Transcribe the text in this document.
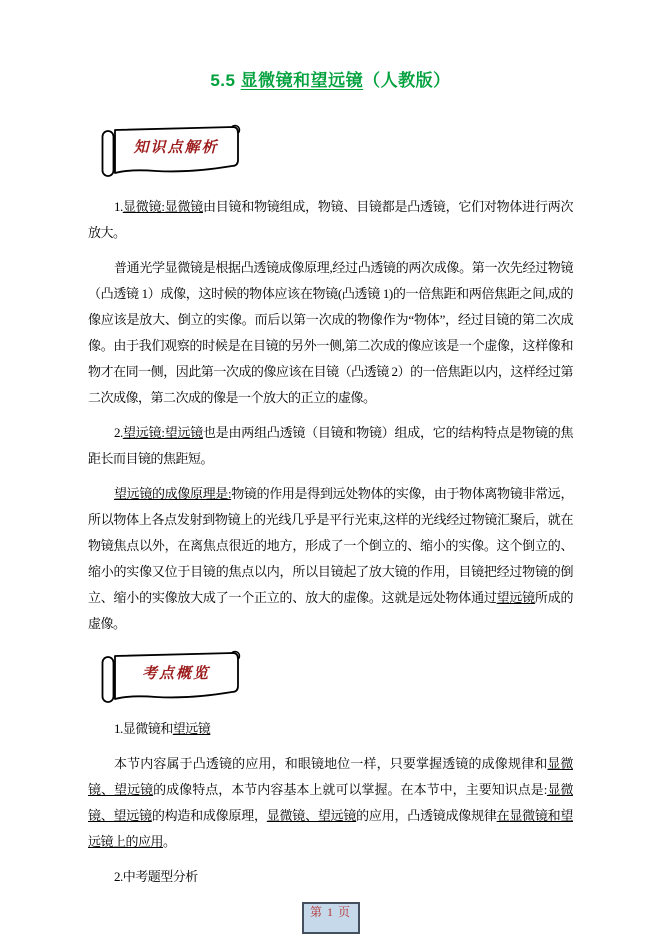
5.5 显微镜和望远镜（人教版）
知识点解析

1.显微镜:显微镜由目镜和物镜组成，物镜、目镜都是凸透镜，它们对物体进行两次放大。

普通光学显微镜是根据凸透镜成像原理,经过凸透镜的两次成像。第一次先经过物镜（凸透镜 1）成像，这时候的物体应该在物镜(凸透镜 1)的一倍焦距和两倍焦距之间,成的像应该是放大、倒立的实像。而后以第一次成的物像作为“物体”，经过目镜的第二次成像。由于我们观察的时候是在目镜的另外一侧,第二次成的像应该是一个虚像，这样像和物才在同一侧，因此第一次成的像应该在目镜（凸透镜 2）的一倍焦距以内，这样经过第二次成像，第二次成的像是一个放大的正立的虚像。

2.望远镜:望远镜也是由两组凸透镜（目镜和物镜）组成，它的结构特点是物镜的焦距长而目镜的焦距短。

望远镜的成像原理是:物镜的作用是得到远处物体的实像，由于物体离物镜非常远，所以物体上各点发射到物镜上的光线几乎是平行光束,这样的光线经过物镜汇聚后，就在物镜焦点以外，在离焦点很近的地方，形成了一个倒立的、缩小的实像。这个倒立的、缩小的实像又位于目镜的焦点以内，所以目镜起了放大镜的作用，目镜把经过物镜的倒立、缩小的实像放大成了一个正立的、放大的虚像。这就是远处物体通过望远镜所成的虚像。

考点概览

1.显微镜和望远镜

本节内容属于凸透镜的应用，和眼镜地位一样，只要掌握透镜的成像规律和显微镜、望远镜的成像特点，本节内容基本上就可以掌握。在本节中，主要知识点是:显微镜、望远镜的构造和成像原理，显微镜、望远镜的应用，凸透镜成像规律在显微镜和望远镜上的应用。

2.中考题型分析

第 1 页
